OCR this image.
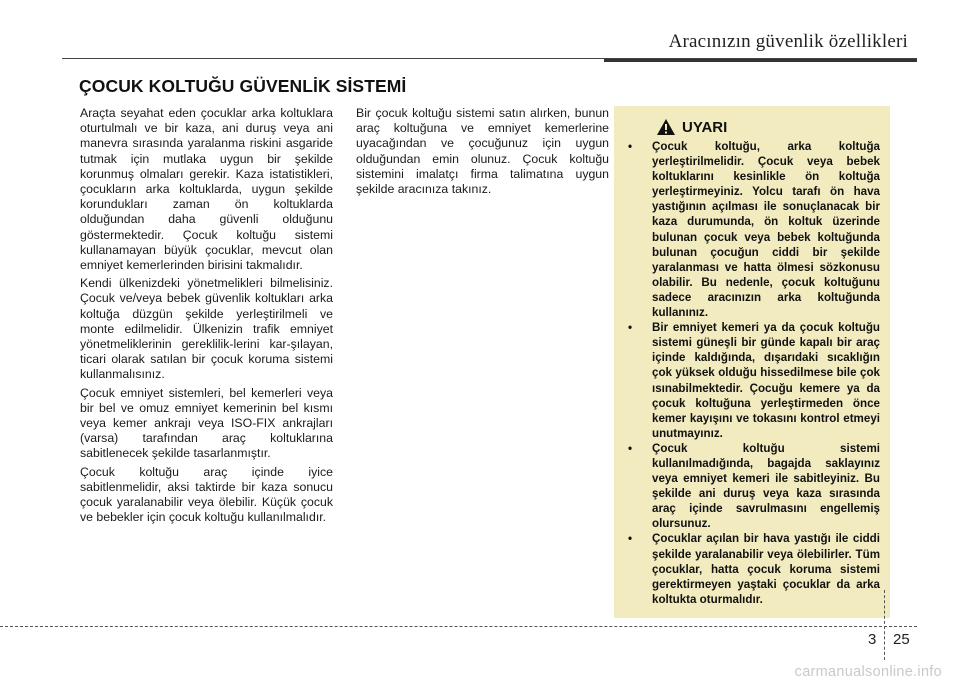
Aracınızın güvenlik özellikleri
ÇOCUK KOLTUĞU GÜVENLİK SİSTEMİ

Araçta seyahat eden çocuklar arka koltuklara oturtulmalı ve bir kaza, ani duruş veya ani manevra sırasında yaralanma riskini asgaride tutmak için mutlaka uygun bir şekilde korunmuş olmaları gerekir. Kaza istatistikleri, çocukların arka koltuklarda, uygun şekilde korundukları zaman ön koltuklarda olduğundan daha güvenli olduğunu göstermektedir. Çocuk koltuğu sistemi kullanamayan büyük çocuklar, mevcut olan emniyet kemerlerinden birisini takmalıdır.

Kendi ülkenizdeki yönetmelikleri bilmelisiniz. Çocuk ve/veya bebek güvenlik koltukları arka koltuğa düzgün şekilde yerleştirilmeli ve monte edilmelidir. Ülkenizin trafik emniyet yönetmeliklerinin gereklilik-lerini kar-şılayan, ticari olarak satılan bir çocuk koruma sistemi kullanmalısınız.

Çocuk emniyet sistemleri, bel kemerleri veya bir bel ve omuz emniyet kemerinin bel kısmı veya kemer ankrajı veya ISO-FIX ankrajları (varsa) tarafından araç koltuklarına sabitlenecek şekilde tasarlanmıştır.

Çocuk koltuğu araç içinde iyice sabitlenmelidir, aksi taktirde bir kaza sonucu çocuk yaralanabilir veya ölebilir. Küçük çocuk ve bebekler için çocuk koltuğu kullanılmalıdır.

Bir çocuk koltuğu sistemi satın alırken, bunun araç koltuğuna ve emniyet kemerlerine uyacağından ve çocuğunuz için uygun olduğundan emin olunuz. Çocuk koltuğu sistemini imalatçı firma talimatına uygun şekilde aracınıza takınız.

UYARI
•	Çocuk koltuğu, arka koltuğa yerleştirilmelidir. Çocuk veya bebek koltuklarını kesinlikle ön koltuğa yerleştirmeyiniz. Yolcu tarafı ön hava yastığının açılması ile sonuçlanacak bir kaza durumunda, ön koltuk üzerinde bulunan çocuk veya bebek koltuğunda bulunan çocuğun ciddi bir şekilde yaralanması ve hatta ölmesi sözkonusu olabilir. Bu nedenle, çocuk koltuğunu sadece aracınızın arka koltuğunda kullanınız.
•	Bir emniyet kemeri ya da çocuk koltuğu sistemi güneşli bir günde kapalı bir araç içinde kaldığında, dışarıdaki sıcaklığın çok yüksek olduğu hissedilmese bile çok ısınabilmektedir. Çocuğu kemere ya da çocuk koltuğuna yerleştirmeden önce kemer kayışını ve tokasını kontrol etmeyi unutmayınız.
•	Çocuk koltuğu sistemi kullanılmadığında, bagajda saklayınız veya emniyet kemeri ile sabitleyiniz. Bu şekilde ani duruş veya kaza sırasında araç içinde savrulmasını engellemiş olursunuz.
•	Çocuklar açılan bir hava yastığı ile ciddi şekilde yaralanabilir veya ölebilirler. Tüm çocuklar, hatta çocuk koruma sistemi gerektirmeyen yaştaki çocuklar da arka koltukta oturmalıdır.
3 25
carmanualsonline.info
